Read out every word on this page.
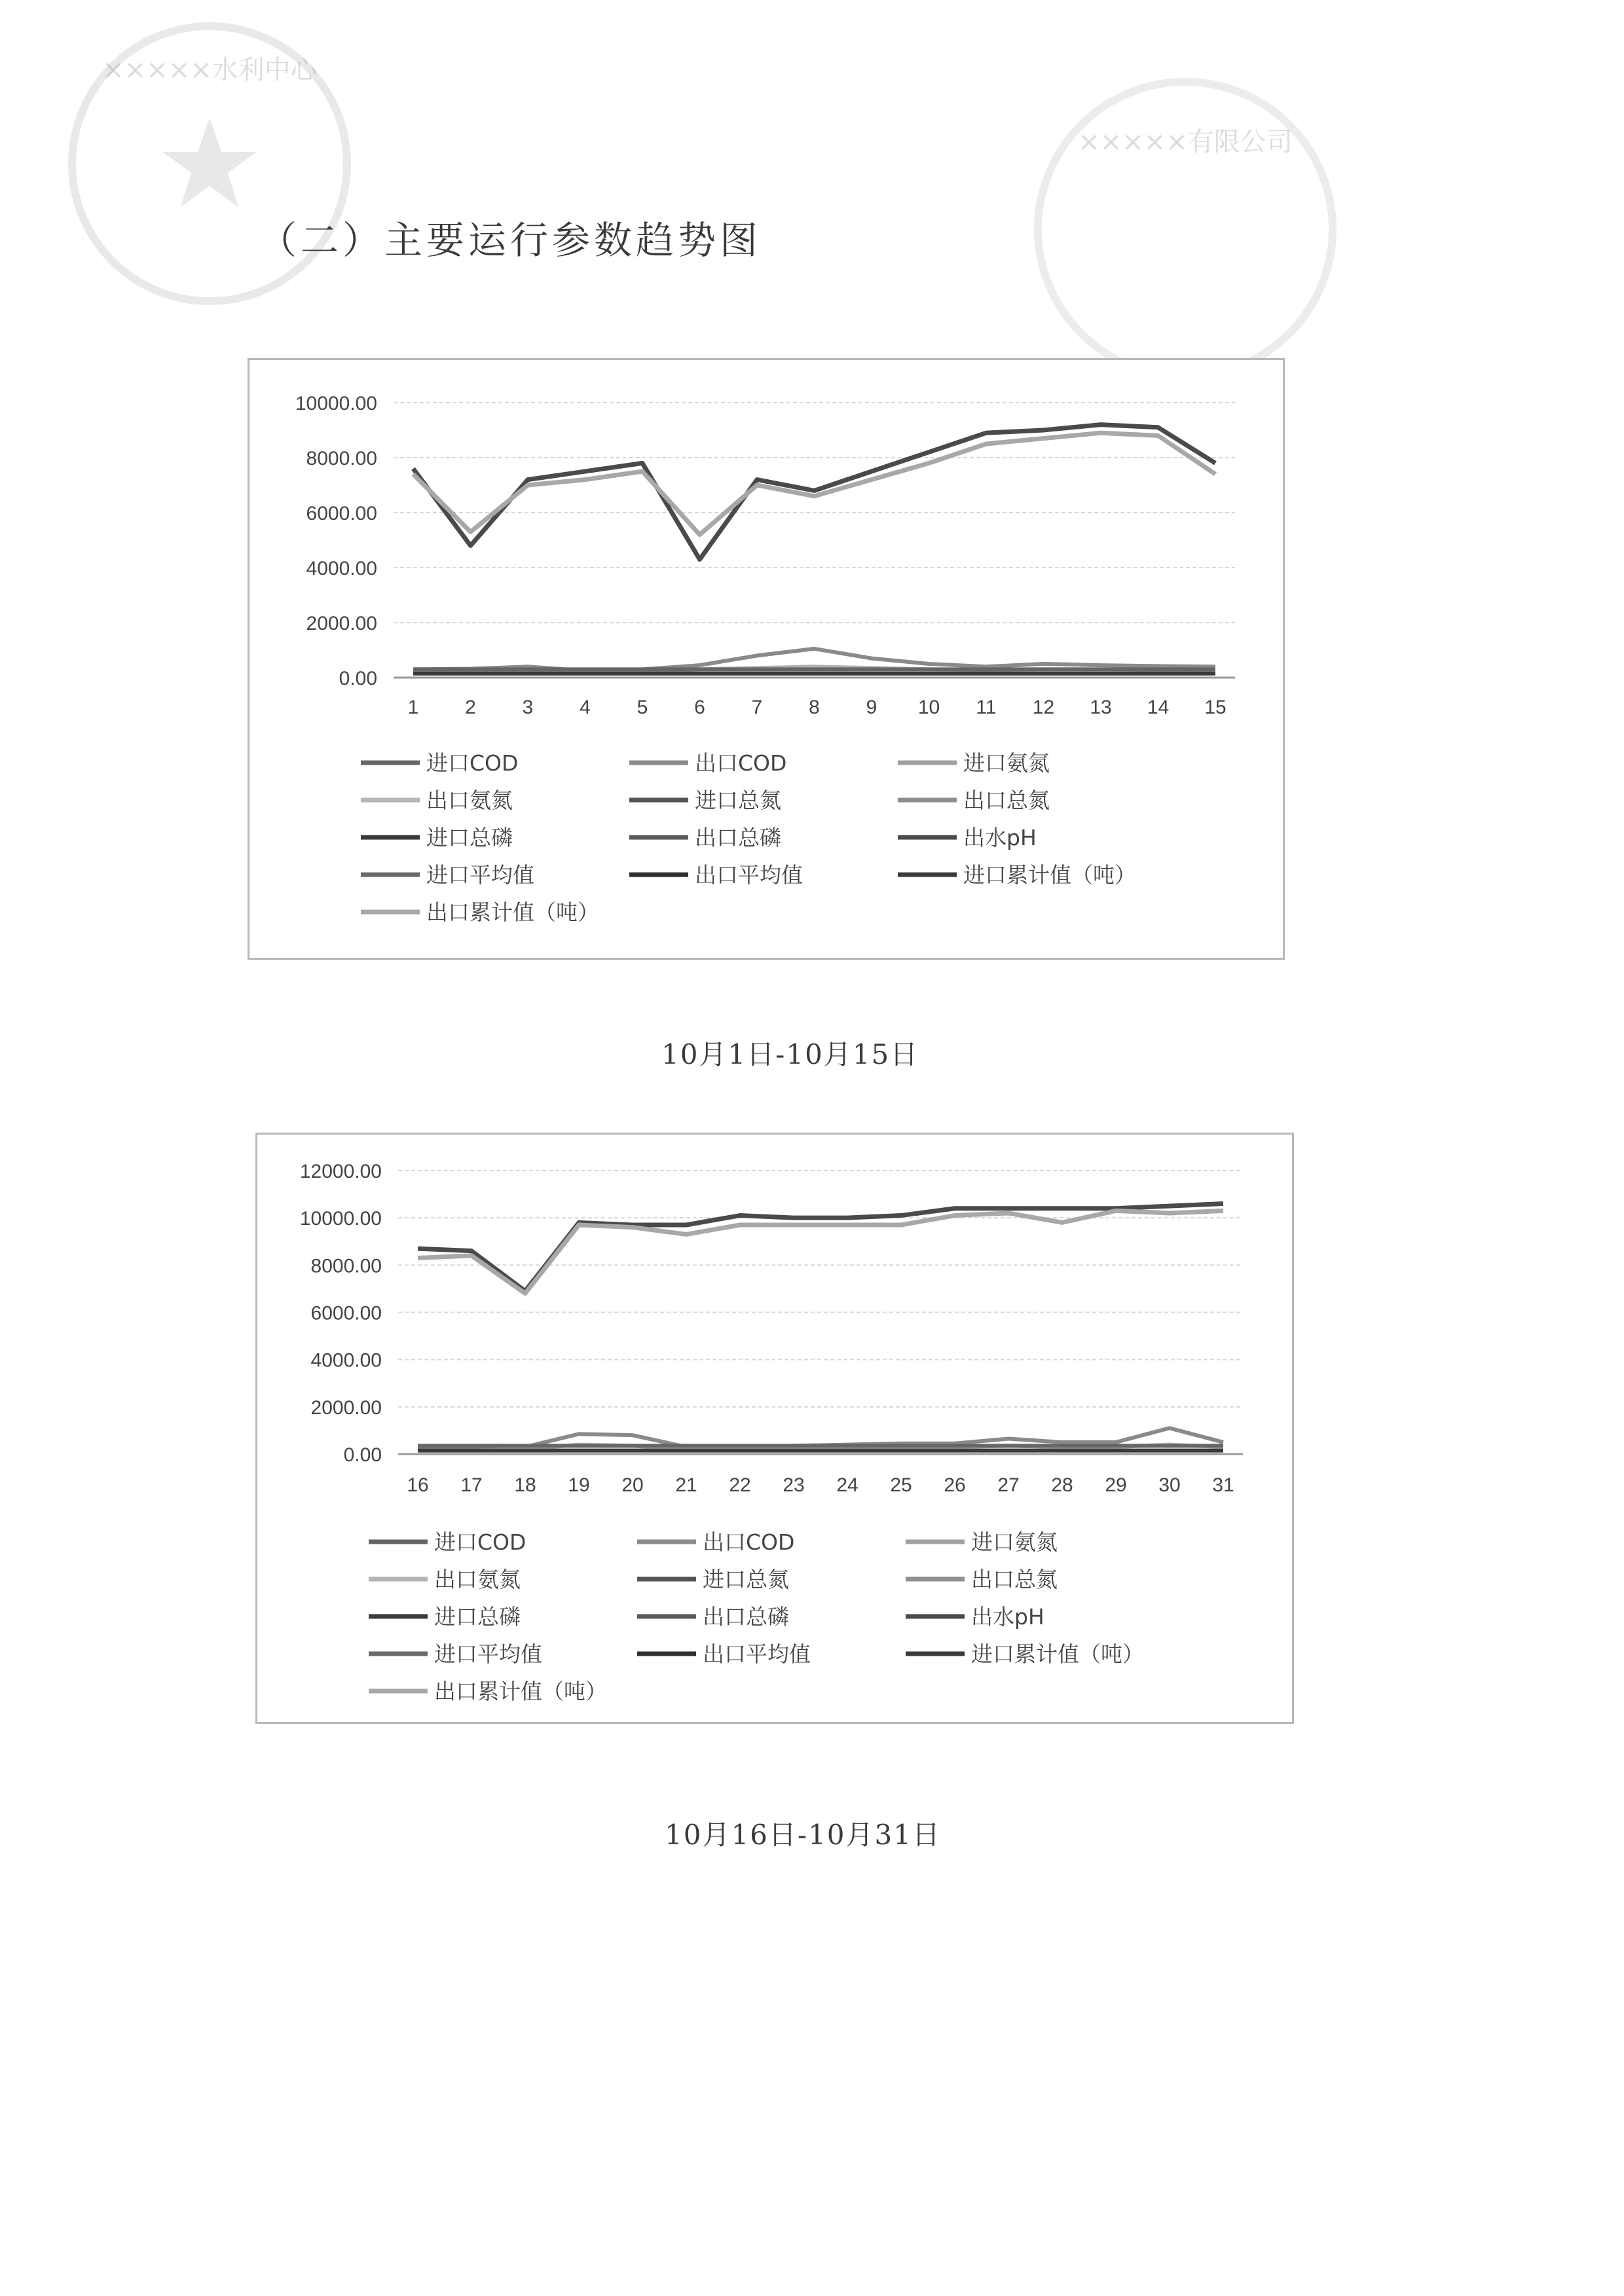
×××××水利中心
×××××有限公司
（二）主要运行参数趋势图
0.00
2000.00
4000.00
6000.00
8000.00
10000.00
1 2 3 4 5 6 7 8 9 10 11 12 13 14 15
进口COD	出口COD	进口氨氮
出口氨氮	进口总氮	出口总氮
进口总磷	出口总磷	出水pH
进口平均值	出口平均值	进口累计值（吨）
出口累计值（吨）
10月1日-10月15日
0.00
2000.00
4000.00
6000.00
8000.00
10000.00
12000.00
16 17 18 19 20 21 22 23 24 25 26 27 28 29 30 31
进口COD	出口COD	进口氨氮
出口氨氮	进口总氮	出口总氮
进口总磷	出口总磷	出水pH
进口平均值	出口平均值	进口累计值（吨）
出口累计值（吨）
10月16日-10月31日
